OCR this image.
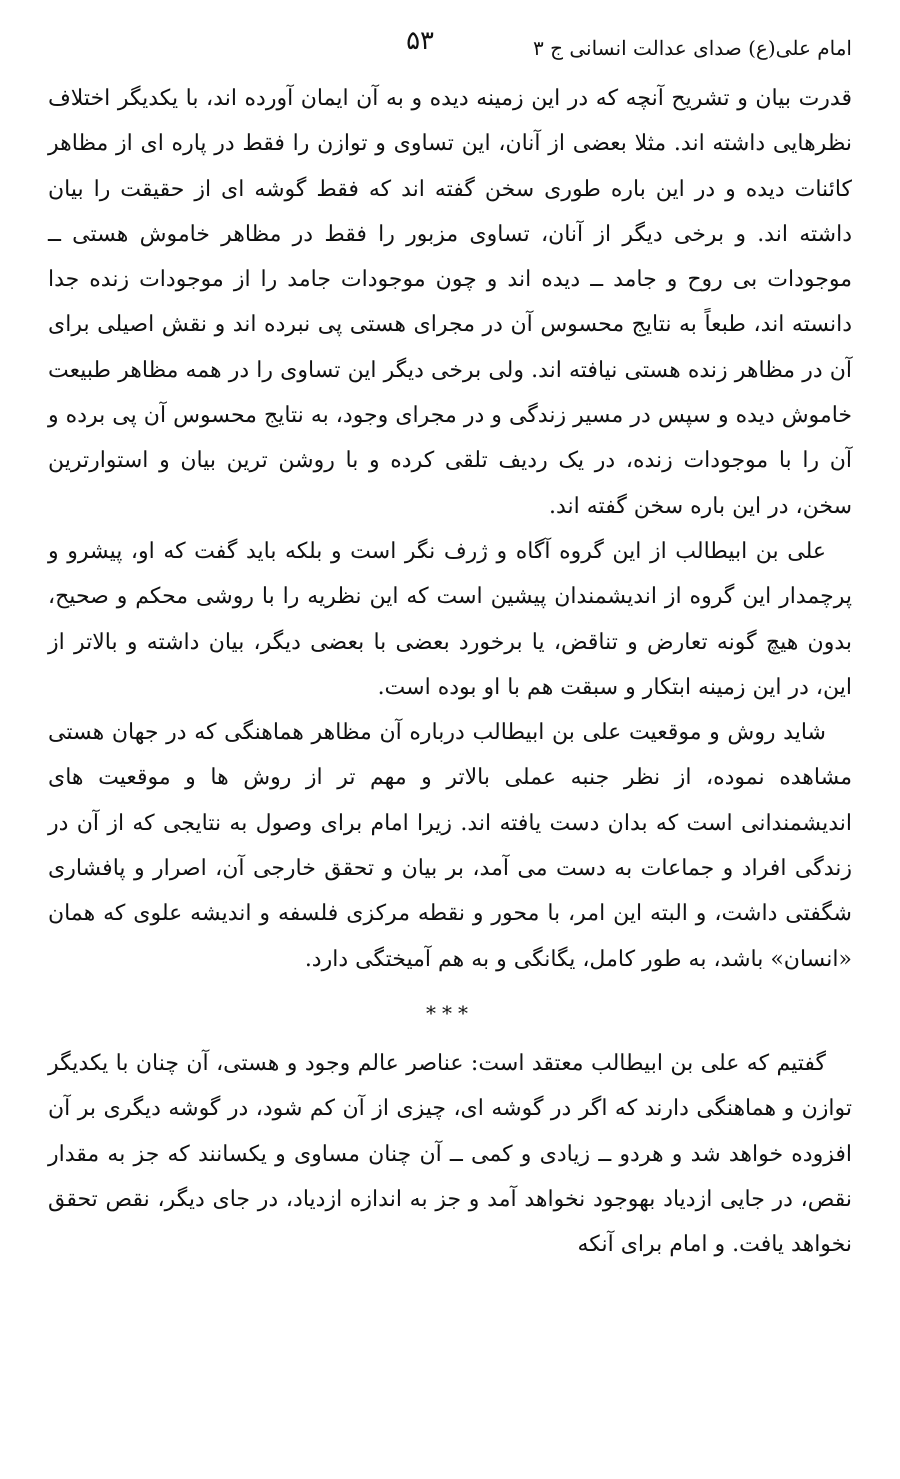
امام علی(ع) صدای عدالت انسانی ج ۳
۵۳

قدرت بیان و تشریح آنچه که در این زمینه دیده و به آن ایمان آورده اند، با یکدیگر اختلاف نظرهایی داشته اند. مثلا بعضی از آنان، این تساوی و توازن را فقط در پاره ای از مظاهر کائنات دیده و در این باره طوری سخن گفته اند که فقط گوشه ای از حقیقت را بیان داشته اند. و برخی دیگر از آنان، تساوی مزبور را فقط در مظاهر خاموش هستی ــ موجودات بی روح و جامد ــ دیده اند و چون موجودات جامد را از موجودات زنده جدا دانسته اند، طبعاً به نتایج محسوس آن در مجرای هستی پی نبرده اند و نقش اصیلی برای آن در مظاهر زنده هستی نیافته اند. ولی برخی دیگر این تساوی را در همه مظاهر طبیعت خاموش دیده و سپس در مسیر زندگی و در مجرای وجود، به نتایج محسوس آن پی برده و آن را با موجودات زنده، در یک ردیف تلقی کرده و با روشن ترین بیان و استوارترین سخن، در این باره سخن گفته اند.

علی بن ابیطالب از این گروه آگاه و ژرف نگر است و بلکه باید گفت که او، پیشرو و پرچمدار این گروه از اندیشمندان پیشین است که این نظریه را با روشی محکم و صحیح، بدون هیچ گونه تعارض و تناقض، یا برخورد بعضی با بعضی دیگر، بیان داشته و بالاتر از این، در این زمینه ابتکار و سبقت هم با او بوده است.

شاید روش و موقعیت علی بن ابیطالب درباره آن مظاهر هماهنگی که در جهان هستی مشاهده نموده، از نظر جنبه عملی بالاتر و مهم تر از روش ها و موقعیت های اندیشمندانی است که بدان دست یافته اند. زیرا امام برای وصول به نتایجی که از آن در زندگی افراد و جماعات به دست می آمد، بر بیان و تحقق خارجی آن، اصرار و پافشاری شگفتی داشت، و البته این امر، با محور و نقطه مرکزی فلسفه و اندیشه علوی که همان «انسان» باشد، به طور کامل، یگانگی و به هم آمیختگی دارد.

***

گفتیم که علی بن ابیطالب معتقد است: عناصر عالم وجود و هستی، آن چنان با یکدیگر توازن و هماهنگی دارند که اگر در گوشه ای، چیزی از آن کم شود، در گوشه دیگری بر آن افزوده خواهد شد و هردو ــ زیادی و کمی ــ آن چنان مساوی و یکسانند که جز به مقدار نقص، در جایی ازدیاد بهوجود نخواهد آمد و جز به اندازه ازدیاد، در جای دیگر، نقص تحقق نخواهد یافت. و امام برای آنکه
